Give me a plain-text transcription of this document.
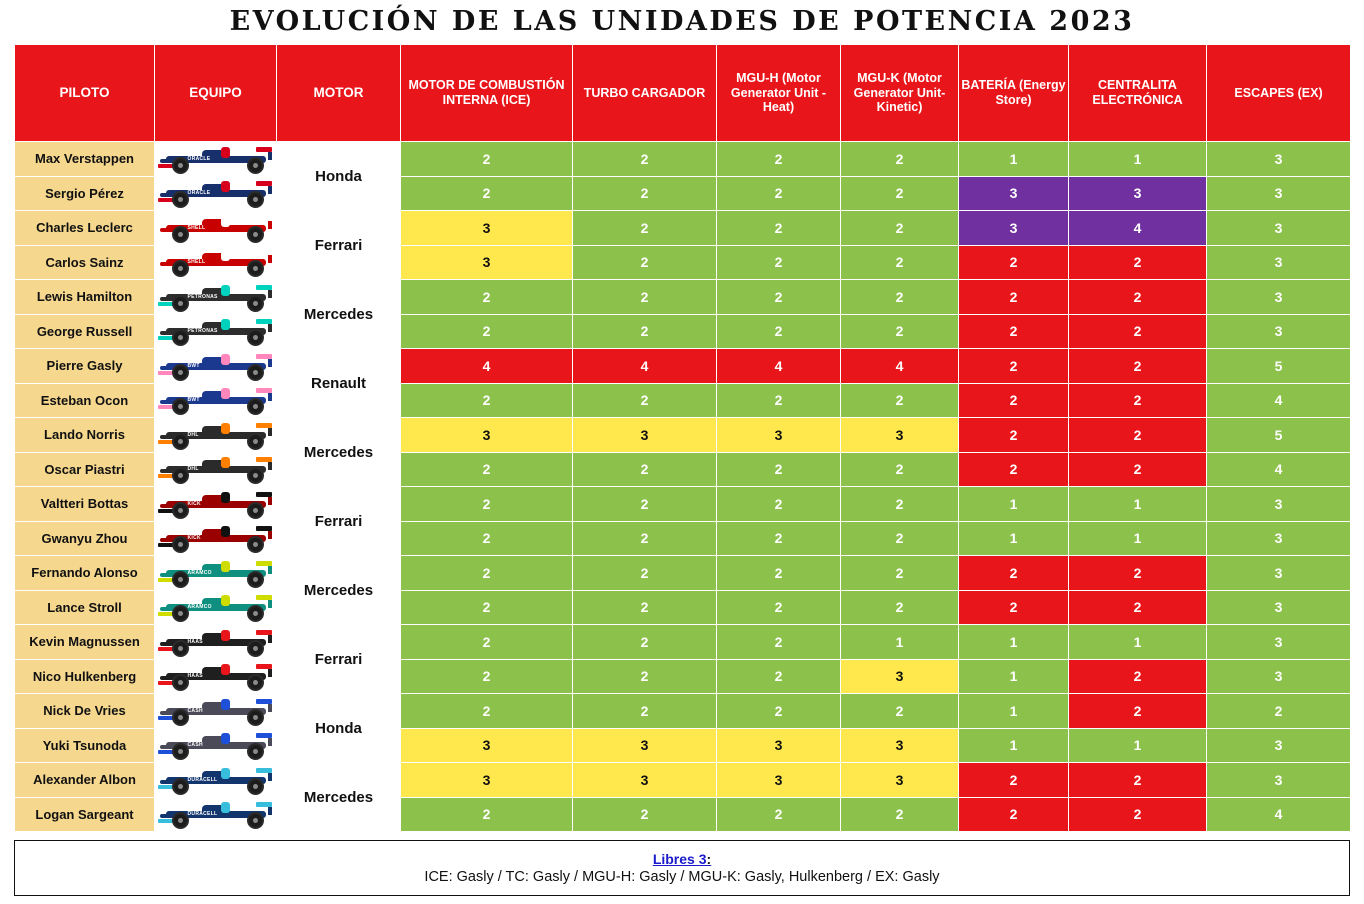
EVOLUCIÓN DE LAS UNIDADES DE POTENCIA 2023
PILOTO	EQUIPO	MOTOR	MOTOR DE COMBUSTIÓN INTERNA (ICE)	TURBO CARGADOR	MGU-H (Motor Generator Unit -Heat)	MGU-K (Motor Generator Unit-Kinetic)	BATERÍA (Energy Store)	CENTRALITA ELECTRÓNICA	ESCAPES (EX)
Max Verstappen	ORACLE	Honda	2	2	2	2	1	1	3
Sergio Pérez	ORACLE		2	2	2	2	3	3	3
Charles Leclerc	SHELL	Ferrari	3	2	2	2	3	4	3
Carlos Sainz	SHELL		3	2	2	2	2	2	3
Lewis Hamilton	PETRONAS	Mercedes	2	2	2	2	2	2	3
George Russell	PETRONAS		2	2	2	2	2	2	3
Pierre Gasly	BWT	Renault	4	4	4	4	2	2	5
Esteban Ocon	BWT		2	2	2	2	2	2	4
Lando Norris	DHL	Mercedes	3	3	3	3	2	2	5
Oscar Piastri	DHL		2	2	2	2	2	2	4
Valtteri Bottas	KICK	Ferrari	2	2	2	2	1	1	3
Gwanyu Zhou	KICK		2	2	2	2	1	1	3
Fernando Alonso	ARAMCO	Mercedes	2	2	2	2	2	2	3
Lance Stroll	ARAMCO		2	2	2	2	2	2	3
Kevin Magnussen	HAAS	Ferrari	2	2	2	1	1	1	3
Nico Hulkenberg	HAAS		2	2	2	3	1	2	3
Nick De Vries	CASH	Honda	2	2	2	2	1	2	2
Yuki Tsunoda	CASH		3	3	3	3	1	1	3
Alexander Albon	DURACELL	Mercedes	3	3	3	3	2	2	3
Logan Sargeant	DURACELL		2	2	2	2	2	2	4
Libres 3:
ICE: Gasly / TC: Gasly / MGU-H: Gasly / MGU-K: Gasly, Hulkenberg / EX: Gasly
